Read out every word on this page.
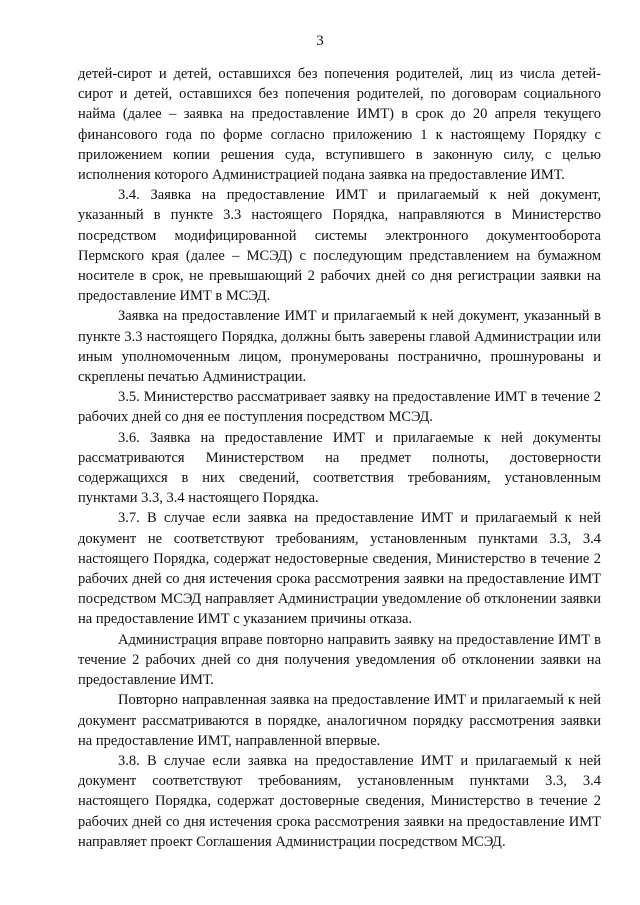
3

детей-сирот и детей, оставшихся без попечения родителей, лиц из числа детей-сирот и детей, оставшихся без попечения родителей, по договорам социального найма (далее – заявка на предоставление ИМТ) в срок до 20 апреля текущего финансового года по форме согласно приложению 1 к настоящему Порядку с приложением копии решения суда, вступившего в законную силу, с целью исполнения которого Администрацией подана заявка на предоставление ИМТ.

3.4. Заявка на предоставление ИМТ и прилагаемый к ней документ, указанный в пункте 3.3 настоящего Порядка, направляются в Министерство посредством модифицированной системы электронного документооборота Пермского края (далее – МСЭД) с последующим представлением на бумажном носителе в срок, не превышающий 2 рабочих дней со дня регистрации заявки на предоставление ИМТ в МСЭД.

Заявка на предоставление ИМТ и прилагаемый к ней документ, указанный в пункте 3.3 настоящего Порядка, должны быть заверены главой Администрации или иным уполномоченным лицом, пронумерованы постранично, прошнурованы и скреплены печатью Администрации.

3.5. Министерство рассматривает заявку на предоставление ИМТ в течение 2 рабочих дней со дня ее поступления посредством МСЭД.

3.6. Заявка на предоставление ИМТ и прилагаемые к ней документы рассматриваются Министерством на предмет полноты, достоверности содержащихся в них сведений, соответствия требованиям, установленным пунктами 3.3, 3.4 настоящего Порядка.

3.7. В случае если заявка на предоставление ИМТ и прилагаемый к ней документ не соответствуют требованиям, установленным пунктами 3.3, 3.4 настоящего Порядка, содержат недостоверные сведения, Министерство в течение 2 рабочих дней со дня истечения срока рассмотрения заявки на предоставление ИМТ посредством МСЭД направляет Администрации уведомление об отклонении заявки на предоставление ИМТ с указанием причины отказа.

Администрация вправе повторно направить заявку на предоставление ИМТ в течение 2 рабочих дней со дня получения уведомления об отклонении заявки на предоставление ИМТ.

Повторно направленная заявка на предоставление ИМТ и прилагаемый к ней документ рассматриваются в порядке, аналогичном порядку рассмотрения заявки на предоставление ИМТ, направленной впервые.

3.8. В случае если заявка на предоставление ИМТ и прилагаемый к ней документ соответствуют требованиям, установленным пунктами 3.3, 3.4 настоящего Порядка, содержат достоверные сведения, Министерство в течение 2 рабочих дней со дня истечения срока рассмотрения заявки на предоставление ИМТ направляет проект Соглашения Администрации посредством МСЭД.
